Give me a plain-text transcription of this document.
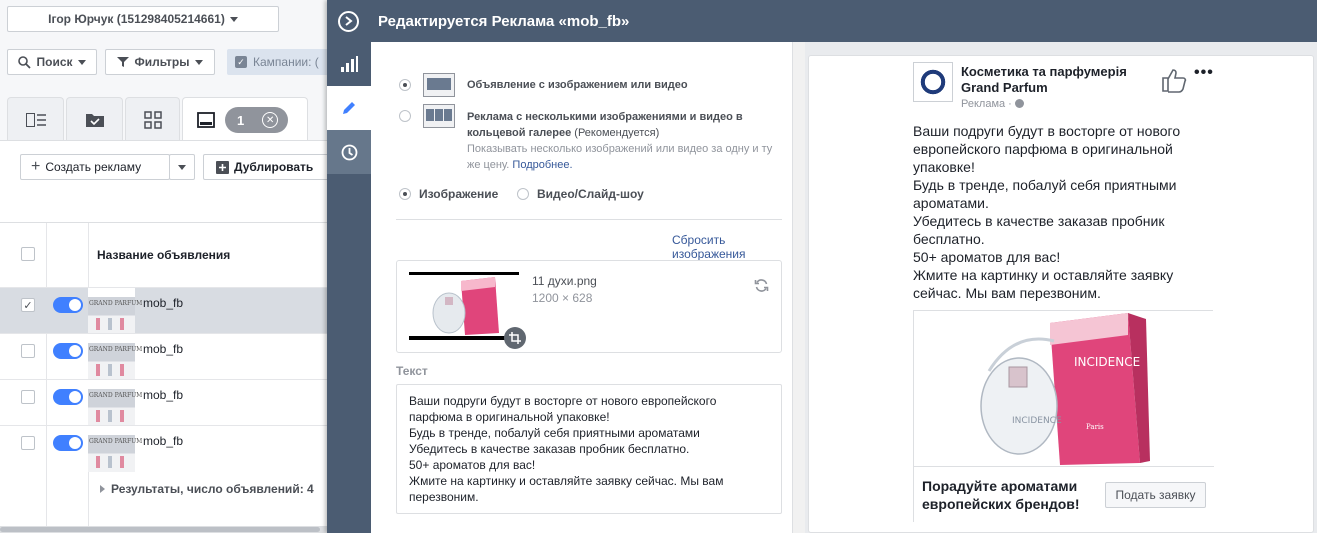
Ігор Юрчук (151298405214661)
Поиск	Фильтры	✓ Кампании: (
1	✕
+ Создать рекламу	Дублировать
Название объявления
✓	GRAND PARFUM mob_fb
GRAND PARFUM mob_fb
GRAND PARFUM mob_fb
GRAND PARFUM mob_fb
Результаты, число объявлений: 4
Редактируется Реклама «mob_fb»
Объявление с изображением или видео
Реклама с несколькими изображениями и видео в кольцевой галерее (Рекомендуется)
Показывать несколько изображений или видео за одну и ту же цену. Подробнее.
Изображение	Видео/Слайд-шоу
Сбросить изображения
11 духи.png
1200 × 628
Текст
Ваши подруги будут в восторге от нового европейского парфюма в оригинальной упаковке!
Будь в тренде, побалуй себя приятными ароматами
Убедитесь в качестве заказав пробник бесплатно.
50+ ароматов для вас!
Жмите на картинку и оставляйте заявку сейчас. Мы вам перезвоним.
Косметика та парфумерія Grand Parfum
Реклама ·
•••
Ваши подруги будут в восторге от нового европейского парфюма в оригинальной упаковке!
Будь в тренде, побалуй себя приятными ароматами.
Убедитесь в качестве заказав пробник бесплатно.
50+ ароматов для вас!
Жмите на картинку и оставляйте заявку сейчас. Мы вам перезвоним.
INCIDENCE
INCIDENCE
Paris
Порадуйте ароматами европейских брендов!
Подать заявку
